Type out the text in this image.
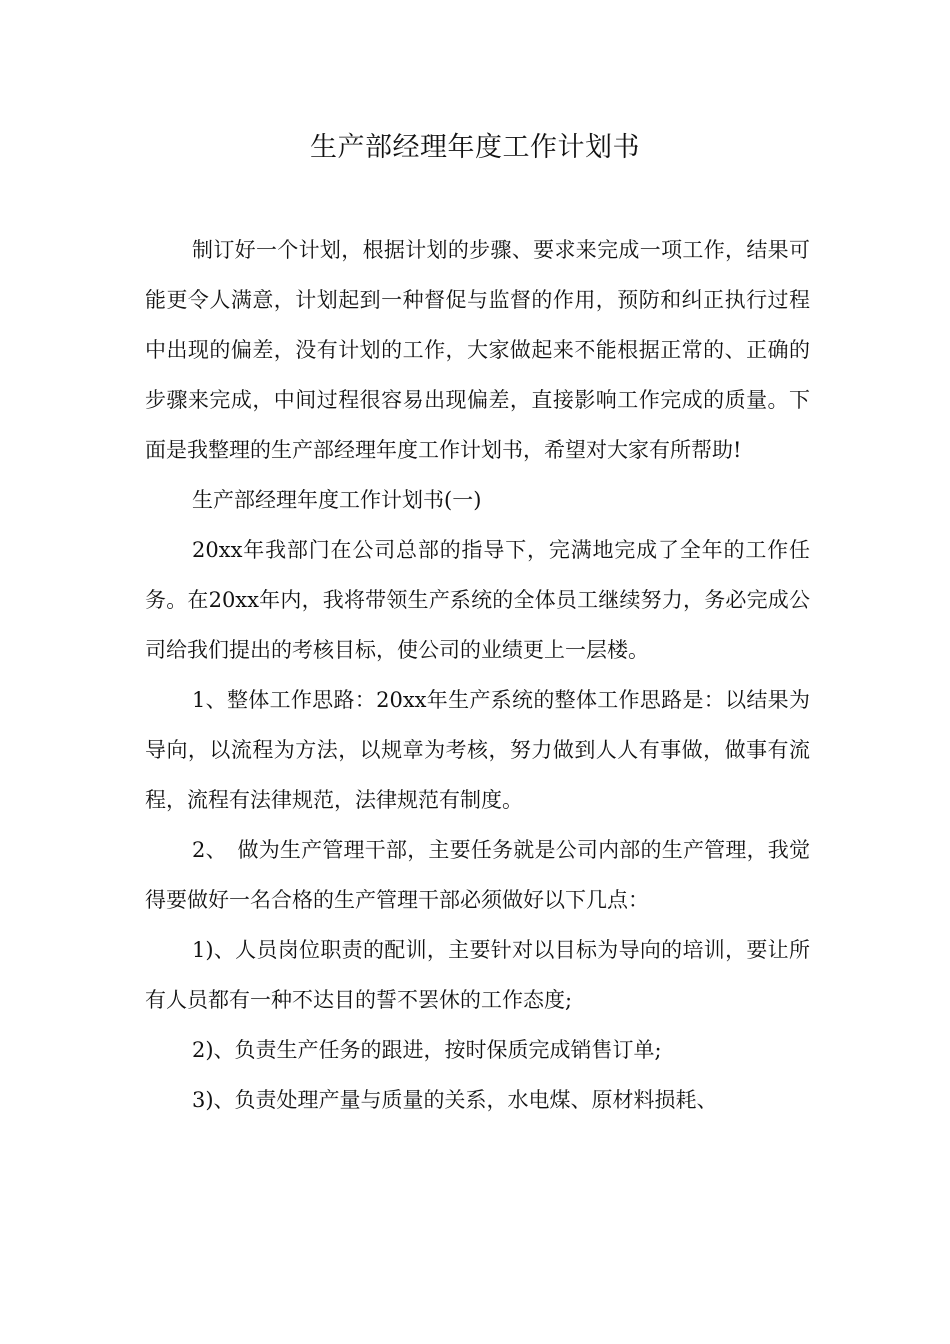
生产部经理年度工作计划书

制订好一个计划，根据计划的步骤、要求来完成一项工作，结果可能更令人满意，计划起到一种督促与监督的作用，预防和纠正执行过程中出现的偏差，没有计划的工作，大家做起来不能根据正常的、正确的步骤来完成，中间过程很容易出现偏差，直接影响工作完成的质量。下面是我整理的生产部经理年度工作计划书，希望对大家有所帮助!

生产部经理年度工作计划书(一)

20xx年我部门在公司总部的指导下，完满地完成了全年的工作任务。在20xx年内，我将带领生产系统的全体员工继续努力，务必完成公司给我们提出的考核目标，使公司的业绩更上一层楼。

1、整体工作思路：20xx年生产系统的整体工作思路是：以结果为导向，以流程为方法，以规章为考核，努力做到人人有事做，做事有流程，流程有法律规范，法律规范有制度。

2、　做为生产管理干部，主要任务就是公司内部的生产管理，我觉得要做好一名合格的生产管理干部必须做好以下几点：

1)、人员岗位职责的配训，主要针对以目标为导向的培训，要让所有人员都有一种不达目的誓不罢休的工作态度;

2)、负责生产任务的跟进，按时保质完成销售订单;

3)、负责处理产量与质量的关系，水电煤、原材料损耗、
